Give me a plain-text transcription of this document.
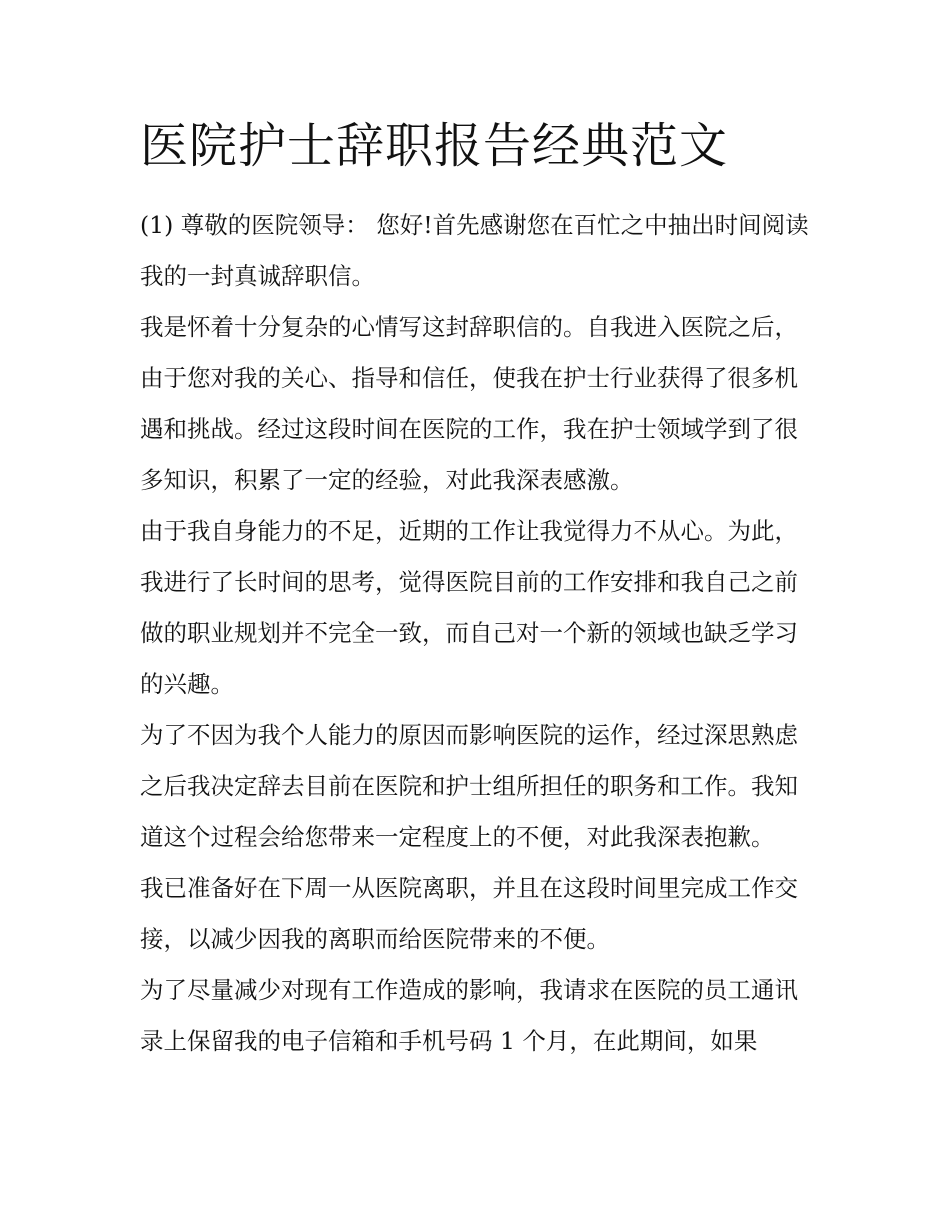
医院护士辞职报告经典范文

(1) 尊敬的医院领导： 您好!首先感谢您在百忙之中抽出时间阅读我的一封真诚辞职信。

我是怀着十分复杂的心情写这封辞职信的。自我进入医院之后，由于您对我的关心、指导和信任，使我在护士行业获得了很多机遇和挑战。经过这段时间在医院的工作，我在护士领域学到了很多知识，积累了一定的经验，对此我深表感激。

由于我自身能力的不足，近期的工作让我觉得力不从心。为此，我进行了长时间的思考，觉得医院目前的工作安排和我自己之前做的职业规划并不完全一致，而自己对一个新的领域也缺乏学习的兴趣。

为了不因为我个人能力的原因而影响医院的运作，经过深思熟虑之后我决定辞去目前在医院和护士组所担任的职务和工作。我知道这个过程会给您带来一定程度上的不便，对此我深表抱歉。

我已准备好在下周一从医院离职，并且在这段时间里完成工作交接，以减少因我的离职而给医院带来的不便。

为了尽量减少对现有工作造成的影响，我请求在医院的员工通讯录上保留我的电子信箱和手机号码 1 个月，在此期间，如果
